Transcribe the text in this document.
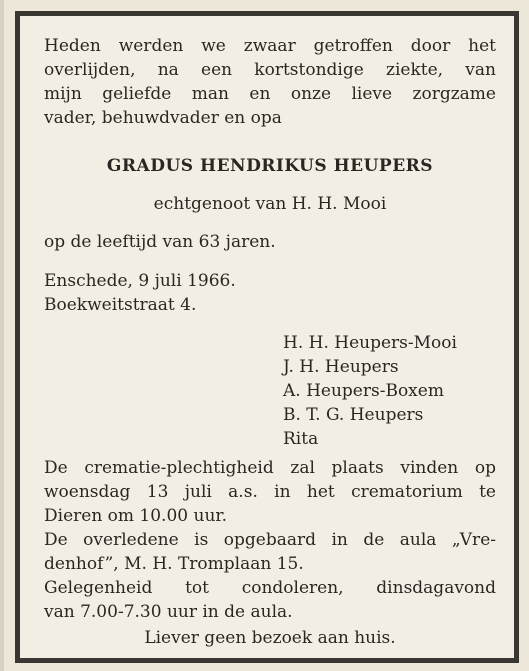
Heden werden we zwaar getroffen door het
overlijden, na een kortstondige ziekte, van
mijn geliefde man en onze lieve zorgzame
vader, behuwdvader en opa
GRADUS HENDRIKUS HEUPERS
echtgenoot van H. H. Mooi
op de leeftijd van 63 jaren.
Enschede, 9 juli 1966.
Boekweitstraat 4.
H. H. Heupers-Mooi
J. H. Heupers
A. Heupers-Boxem
B. T. G. Heupers
Rita
De crematie-plechtigheid zal plaats vinden op
woensdag 13 juli a.s. in het crematorium te
Dieren om 10.00 uur.
De overledene is opgebaard in de aula „Vre-
denhof”, M. H. Tromplaan 15.
Gelegenheid tot condoleren, dinsdagavond
van 7.00-7.30 uur in de aula.
Liever geen bezoek aan huis.
